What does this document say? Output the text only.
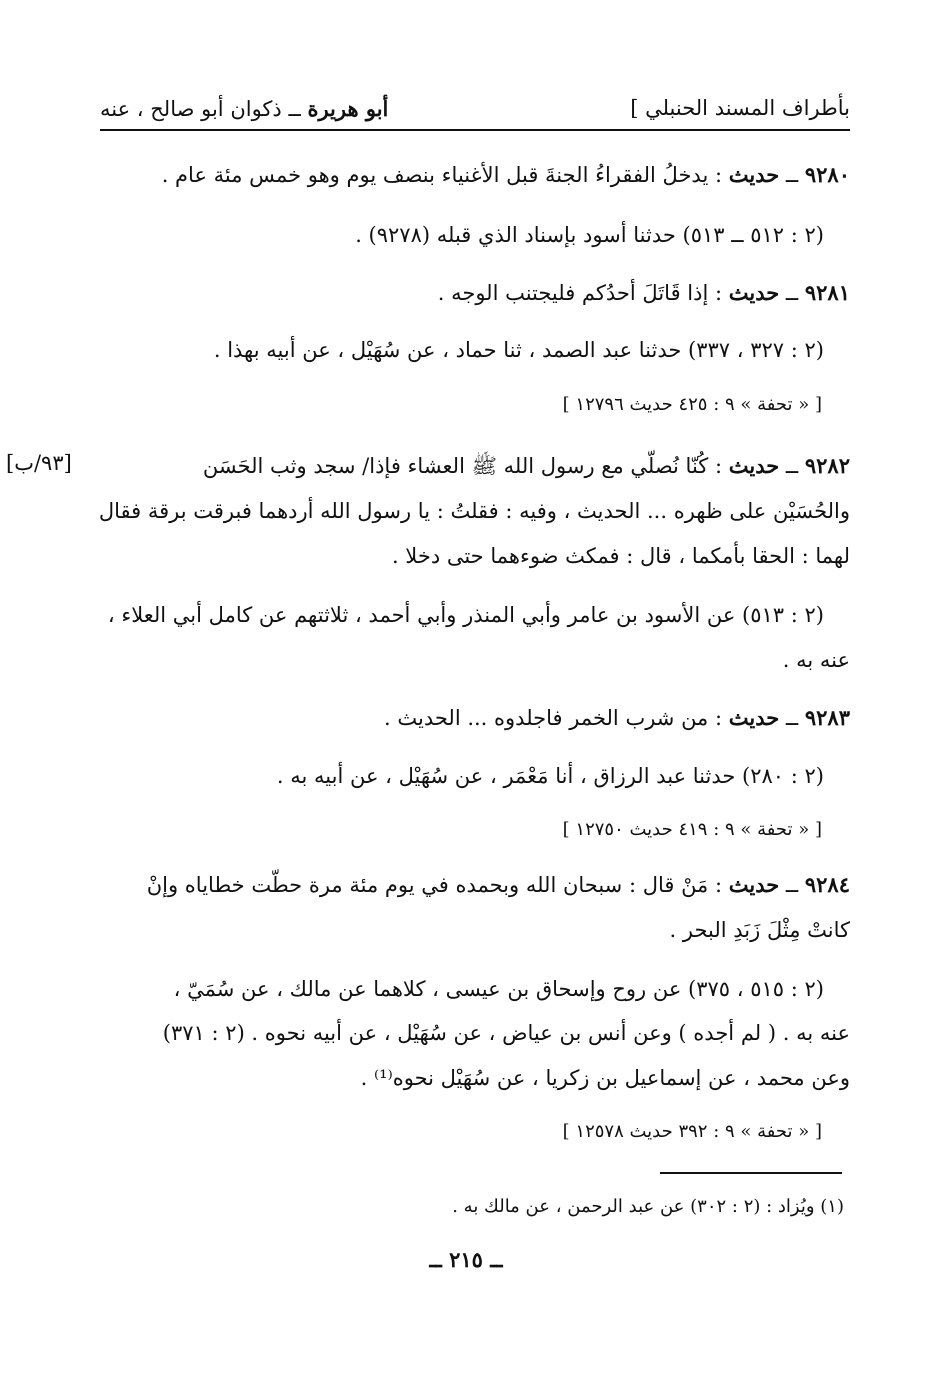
بأطراف المسند الحنبلي ]
أبو هريرة ــ ذكوان أبو صالح ، عنه
٩٢٨٠ ــ حديث : يدخلُ الفقراءُ الجنةَ قبل الأغنياء بنصف يوم وهو خمس مئة عام .
(٢ : ٥١٢ ــ ٥١٣) حدثنا أسود بإسناد الذي قبله (٩٢٧٨) .
٩٢٨١ ــ حديث : إذا قَاتَلَ أحدُكم فليجتنب الوجه .
(٢ : ٣٢٧ ، ٣٣٧) حدثنا عبد الصمد ، ثنا حماد ، عن سُهَيْل ، عن أبيه بهذا .
[ « تحفة » ٩ : ٤٢٥ حديث ١٢٧٩٦ ]
[٩٣/ب]	٩٢٨٢ ــ حديث : كُنّا نُصلّي مع رسول الله ﷺ العشاء فإذا/ سجد وثب الحَسَن
والحُسَيْن على ظهره ... الحديث ، وفيه : فقلتُ : يا رسول الله أردهما فبرقت برقة فقال
لهما : الحقا بأمكما ، قال : فمكث ضوءهما حتى دخلا .
(٢ : ٥١٣) عن الأسود بن عامر وأبي المنذر وأبي أحمد ، ثلاثتهم عن كامل أبي العلاء ،
عنه به .
٩٢٨٣ ــ حديث : من شرب الخمر فاجلدوه ... الحديث .
(٢ : ٢٨٠) حدثنا عبد الرزاق ، أنا مَعْمَر ، عن سُهَيْل ، عن أبيه به .
[ « تحفة » ٩ : ٤١٩ حديث ١٢٧٥٠ ]
٩٢٨٤ ــ حديث : مَنْ قال : سبحان الله وبحمده في يوم مئة مرة حطّت خطاياه وإنْ
كانتْ مِثْلَ زَبَدِ البحر .
(٢ : ٥١٥ ، ٣٧٥) عن روح وإسحاق بن عيسى ، كلاهما عن مالك ، عن سُمَيّ ،
عنه به . ( لم أجده ) وعن أنس بن عياض ، عن سُهَيْل ، عن أبيه نحوه . (٢ : ٣٧١)
وعن محمد ، عن إسماعيل بن زكريا ، عن سُهَيْل نحوه⁽¹⁾ .
[ « تحفة » ٩ : ٣٩٢ حديث ١٢٥٧٨ ]
(١) ويُزاد : (٢ : ٣٠٢) عن عبد الرحمن ، عن مالك به .
ــ ٢١٥ ــ
